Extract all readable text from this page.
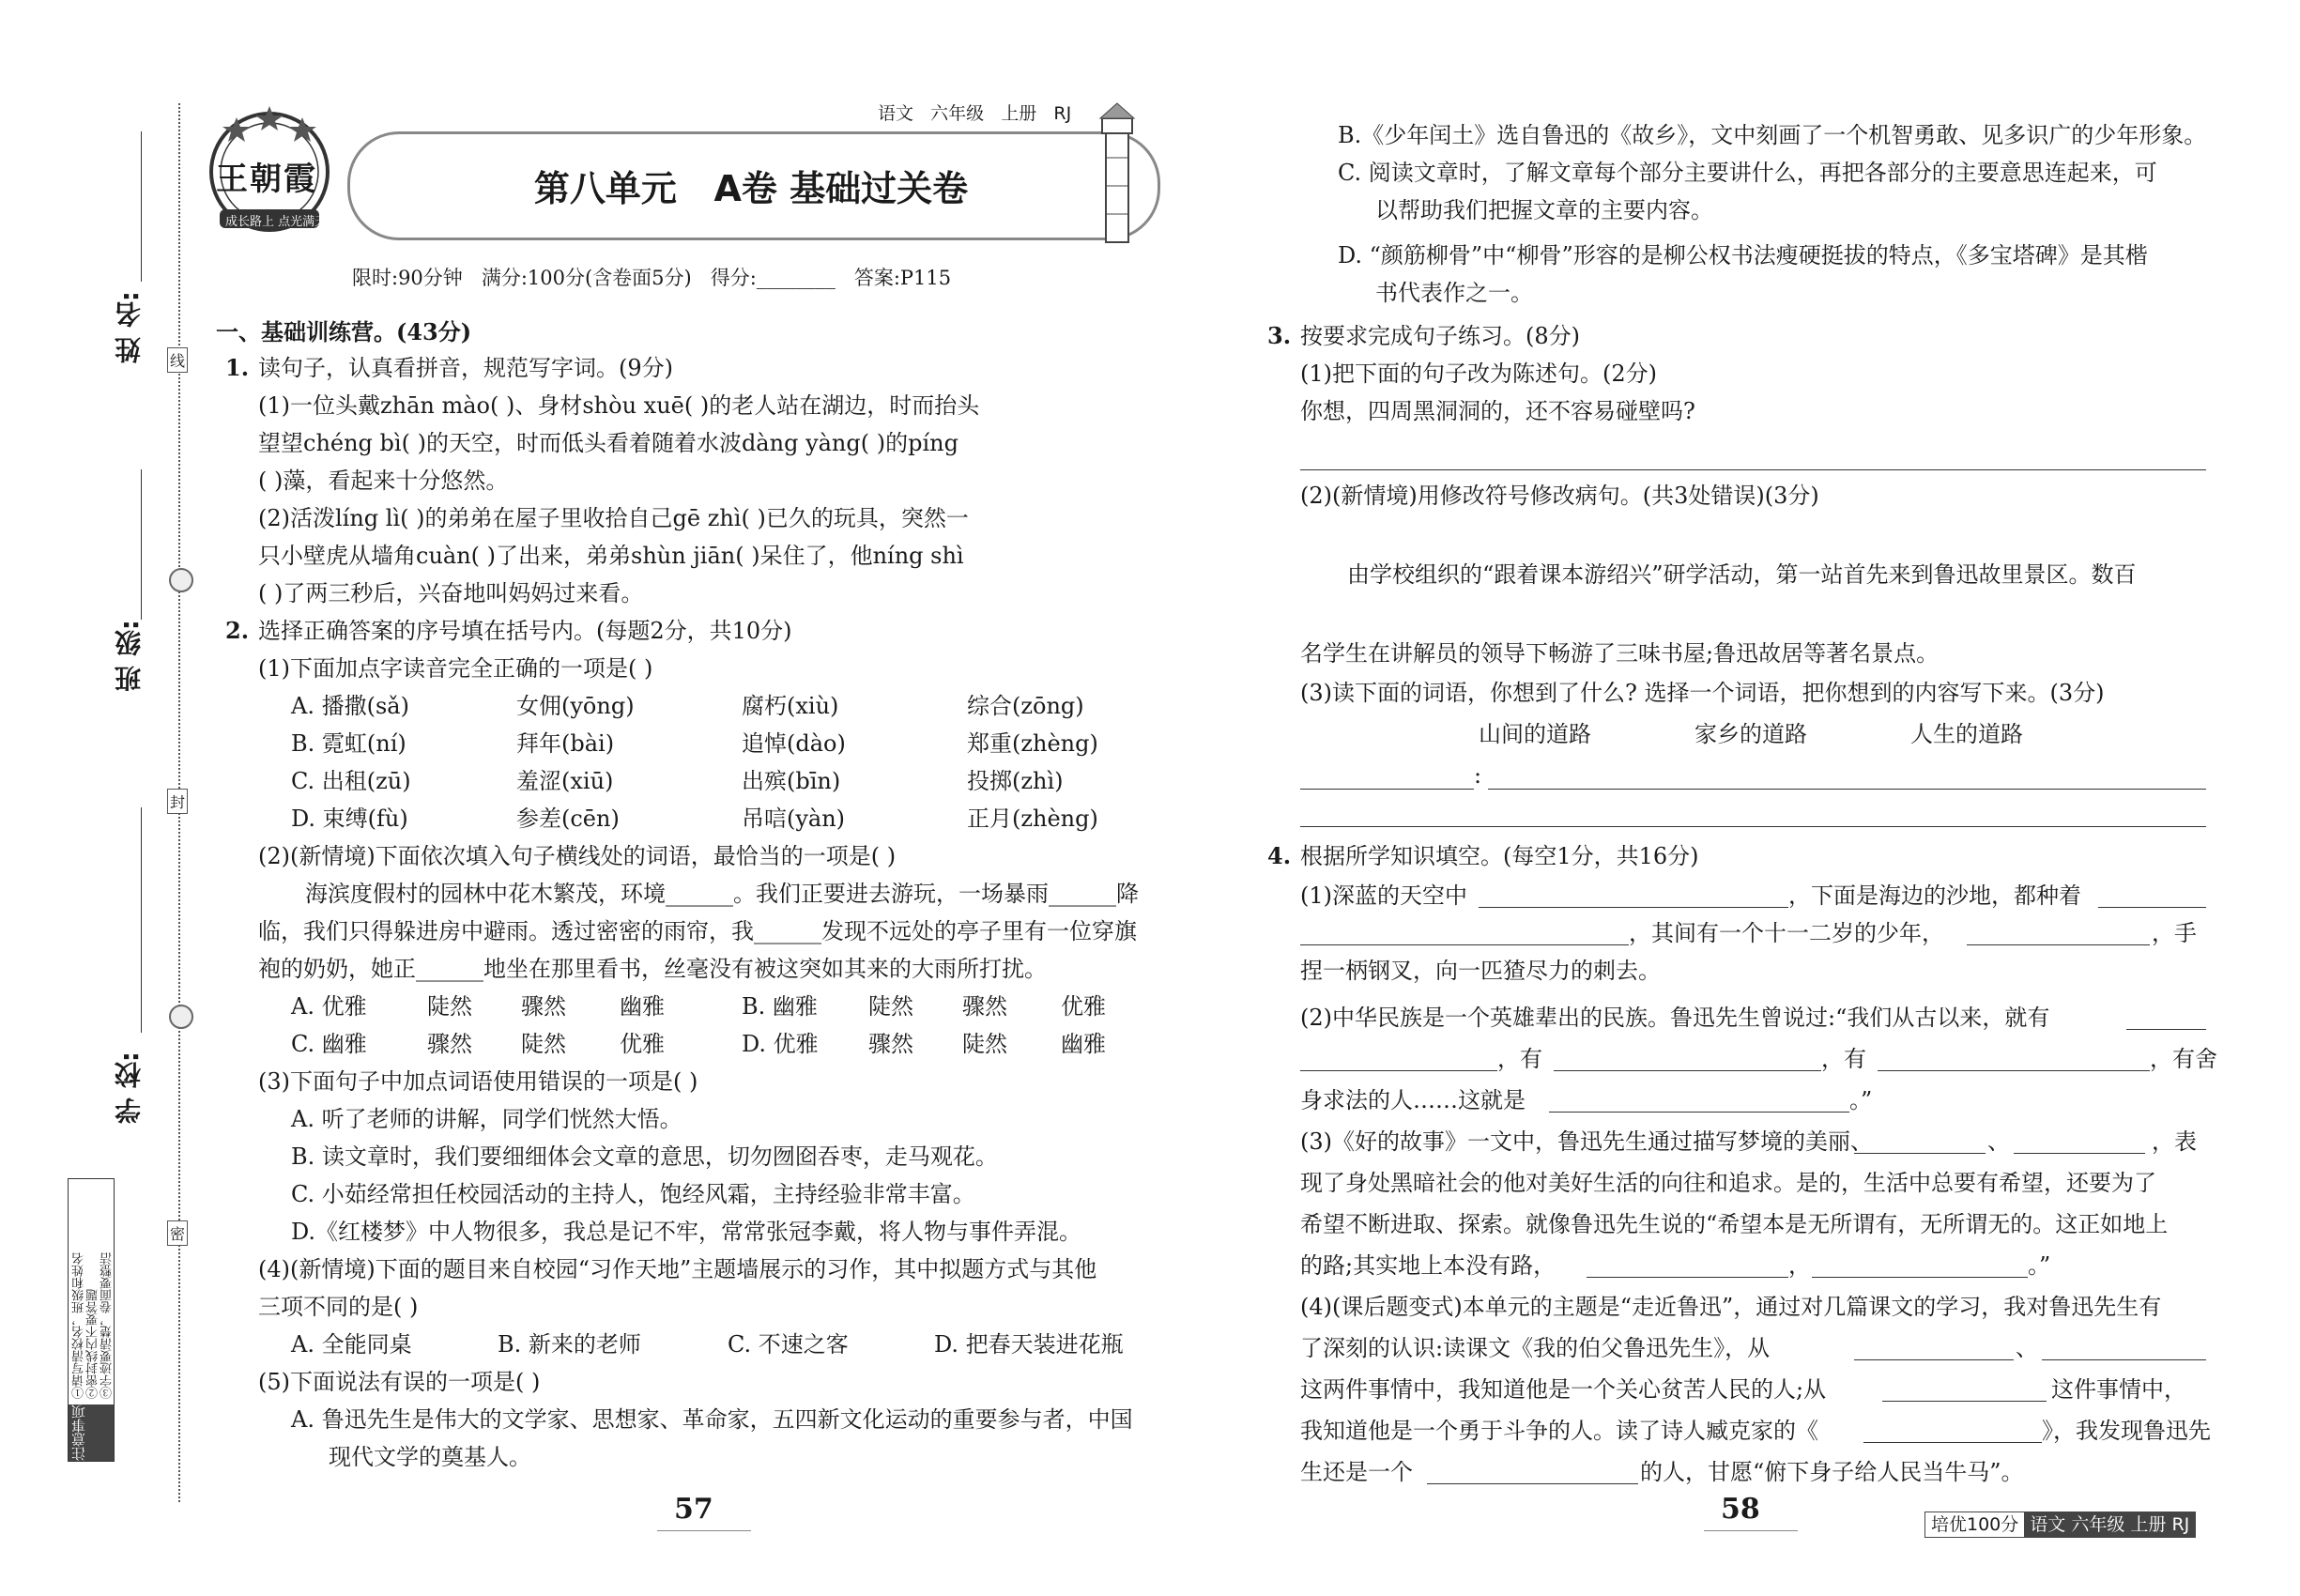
线
封
密
姓 名:
班 级:
学 校:
注意事项
①请写清校名，班级和姓名 ②密封线内不要答题 ③字迹要清楚，卷面要整洁
王朝霞
成长路上 点光满天
语文 六年级 上册 RJ
第八单元   A卷 基础过关卷
限时:90分钟   满分:100分(含卷面5分)   得分:________   答案:P115
一、基础训练营。(43分)
1. 读句子，认真看拼音，规范写字词。(9分)
(1)一位头戴zhān mào( )、身材shòu xuē( )的老人站在湖边，时而抬头
望望chéng bì( )的天空，时而低头看着随着水波dàng yàng( )的píng
( )藻，看起来十分悠然。
(2)活泼líng lì( )的弟弟在屋子里收拾自己gē zhì( )已久的玩具，突然一
只小壁虎从墙角cuàn( )了出来，弟弟shùn jiān( )呆住了，他níng shì
( )了两三秒后，兴奋地叫妈妈过来看。
2. 选择正确答案的序号填在括号内。(每题2分，共10分)
(1)下面加点字读音完全正确的一项是( )
A. 播撒(sǎ)	女佣(yōng)	腐朽(xiù)	综合(zōng)
B. 霓虹(ní)	拜年(bài)	追悼(dào)	郑重(zhèng)
C. 出租(zū)	羞涩(xiū)	出殡(bīn)	投掷(zhì)
D. 束缚(fù)	参差(cēn)	吊唁(yàn)	正月(zhèng)
(2)(新情境)下面依次填入句子横线处的词语，最恰当的一项是( )
海滨度假村的园林中花木繁茂，环境______。我们正要进去游玩，一场暴雨______降
临，我们只得躲进房中避雨。透过密密的雨帘，我______发现不远处的亭子里有一位穿旗
袍的奶奶，她正______地坐在那里看书，丝毫没有被这突如其来的大雨所打扰。
A. 优雅	陡然 骤然 幽雅	B. 幽雅 陡然 骤然 优雅
C. 幽雅	骤然 陡然 优雅	D. 优雅 骤然 陡然 幽雅
(3)下面句子中加点词语使用错误的一项是( )
A. 听了老师的讲解，同学们恍然大悟。
B. 读文章时，我们要细细体会文章的意思，切勿囫囵吞枣，走马观花。
C. 小茹经常担任校园活动的主持人，饱经风霜，主持经验非常丰富。
D.《红楼梦》中人物很多，我总是记不牢，常常张冠李戴，将人物与事件弄混。
(4)(新情境)下面的题目来自校园“习作天地”主题墙展示的习作，其中拟题方式与其他
三项不同的是( )
A. 全能同桌	B. 新来的老师	C. 不速之客	D. 把春天装进花瓶
(5)下面说法有误的一项是( )
A. 鲁迅先生是伟大的文学家、思想家、革命家，五四新文化运动的重要参与者，中国
现代文学的奠基人。
57
B.《少年闰土》选自鲁迅的《故乡》，文中刻画了一个机智勇敢、见多识广的少年形象。
C. 阅读文章时，了解文章每个部分主要讲什么，再把各部分的主要意思连起来，可
以帮助我们把握文章的主要内容。
D. “颜筋柳骨”中“柳骨”形容的是柳公权书法瘦硬挺拔的特点，《多宝塔碑》是其楷
书代表作之一。
3. 按要求完成句子练习。(8分)
(1)把下面的句子改为陈述句。(2分)
你想，四周黑洞洞的，还不容易碰壁吗?
(2)(新情境)用修改符号修改病句。(共3处错误)(3分)
由学校组织的“跟着课本游绍兴”研学活动，第一站首先来到鲁迅故里景区。数百
名学生在讲解员的领导下畅游了三味书屋;鲁迅故居等著名景点。
(3)读下面的词语，你想到了什么? 选择一个词语，把你想到的内容写下来。(3分)
山间的道路	家乡的道路	人生的道路
:
4. 根据所学知识填空。(每空1分，共16分)
(1)深蓝的天空中	，下面是海边的沙地，都种着
，其间有一个十一二岁的少年，	，手
捏一柄钢叉，向一匹猹尽力的刺去。
(2)中华民族是一个英雄辈出的民族。鲁迅先生曾说过:“我们从古以来，就有
，有	，有	，有舍
身求法的人……这就是	。”
(3)《好的故事》一文中，鲁迅先生通过描写梦境的美丽、	、	，表
现了身处黑暗社会的他对美好生活的向往和追求。是的，生活中总要有希望，还要为了
希望不断进取、探索。就像鲁迅先生说的“希望本是无所谓有，无所谓无的。这正如地上
的路;其实地上本没有路，	，	。”
(4)(课后题变式)本单元的主题是“走近鲁迅”，通过对几篇课文的学习，我对鲁迅先生有
了深刻的认识:读课文《我的伯父鲁迅先生》，从	、
这两件事情中，我知道他是一个关心贫苦人民的人;从	这件事情中，
我知道他是一个勇于斗争的人。读了诗人臧克家的《	》，我发现鲁迅先
生还是一个	的人，甘愿“俯下身子给人民当牛马”。
58	培优100分 语文 六年级 上册 RJ
